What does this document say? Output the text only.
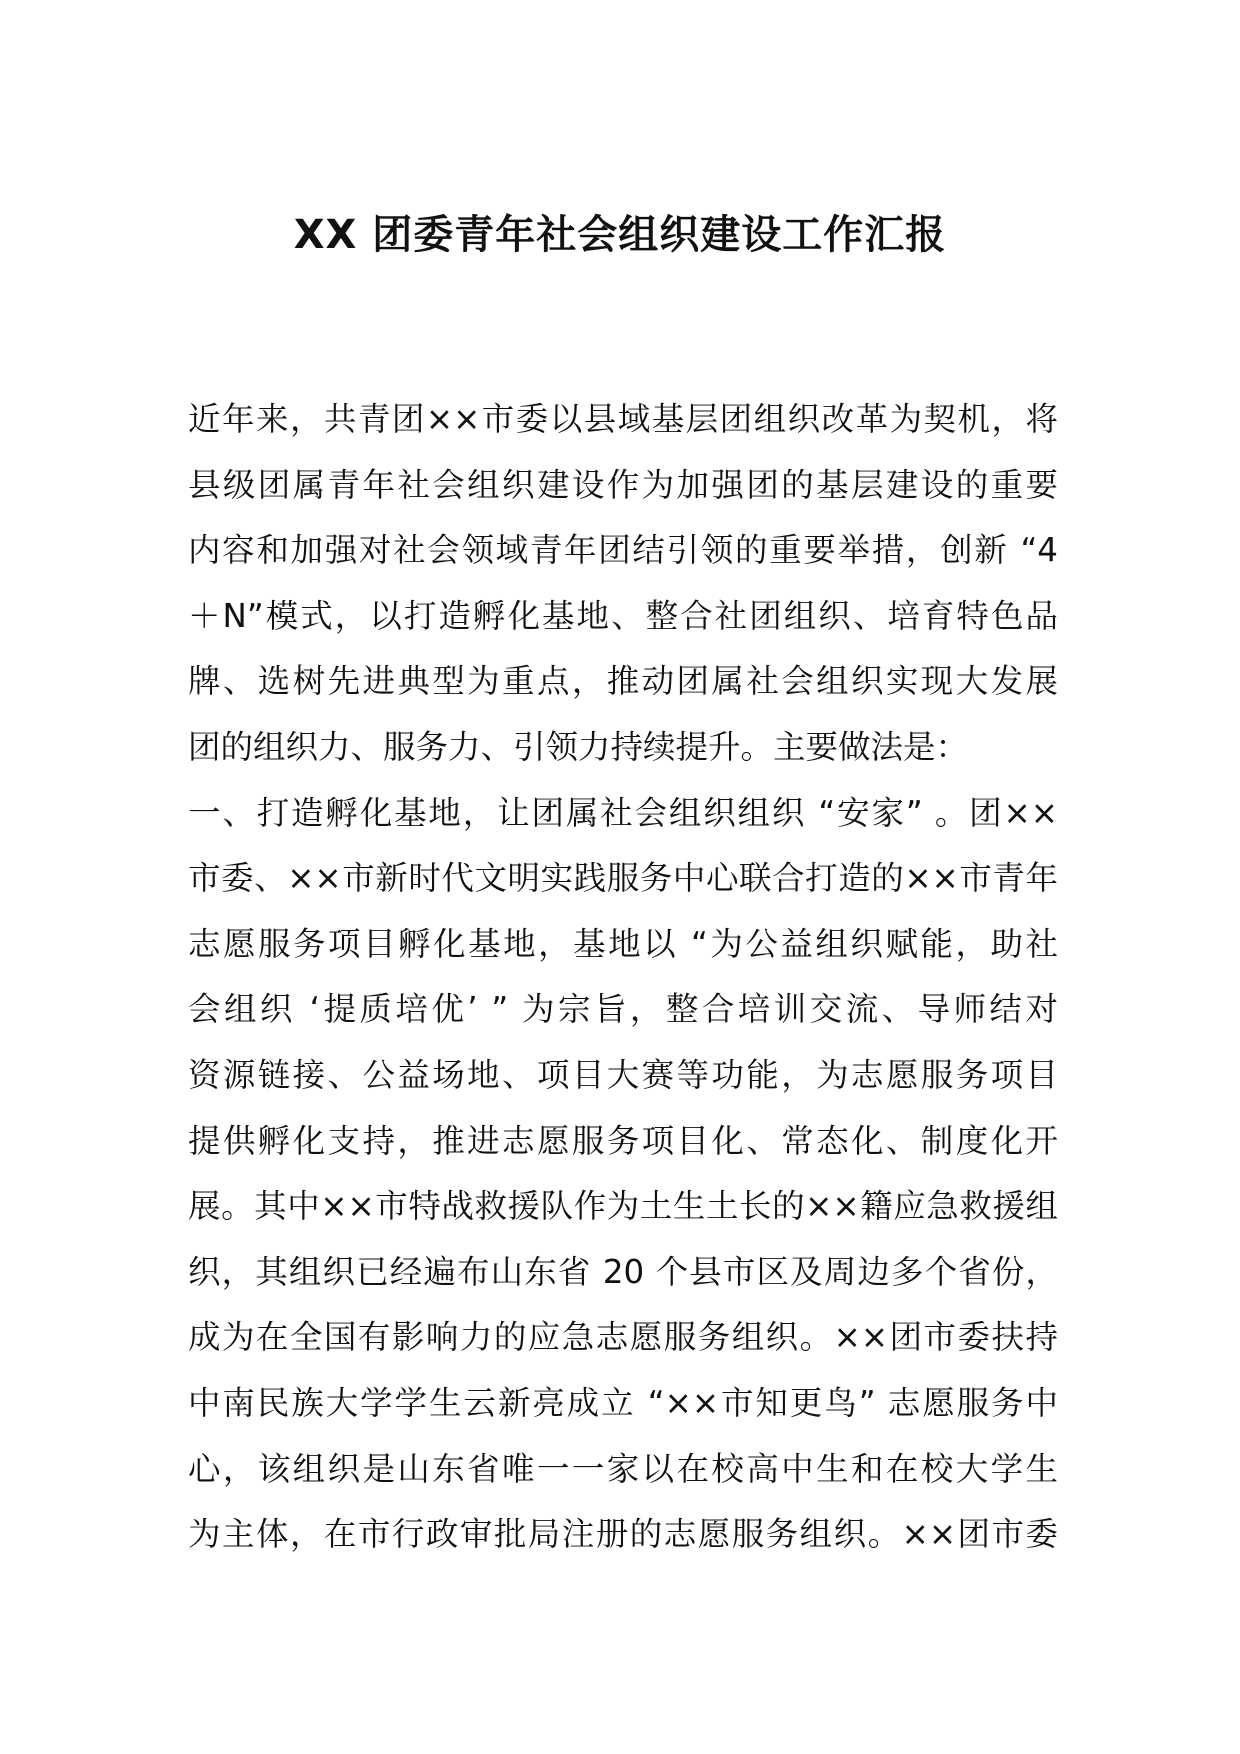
XX 团委青年社会组织建设工作汇报
近年来，共青团××市委以县域基层团组织改革为契机，将
县级团属青年社会组织建设作为加强团的基层建设的重要
内容和加强对社会领域青年团结引领的重要举措，创新 “4
＋N”模式，以打造孵化基地、整合社团组织、培育特色品
牌、选树先进典型为重点，推动团属社会组织实现大发展
团的组织力、服务力、引领力持续提升。主要做法是：
一、打造孵化基地，让团属社会组织组织 “安家” 。团××
市委、××市新时代文明实践服务中心联合打造的××市青年
志愿服务项目孵化基地，基地以 “为公益组织赋能，助社
会组织 ‘提质培优’ ” 为宗旨，整合培训交流、导师结对
资源链接、公益场地、项目大赛等功能，为志愿服务项目
提供孵化支持，推进志愿服务项目化、常态化、制度化开
展。其中××市特战救援队作为土生土长的××籍应急救援组
织，其组织已经遍布山东省 20 个县市区及周边多个省份，
成为在全国有影响力的应急志愿服务组织。××团市委扶持
中南民族大学学生云新亮成立 “××市知更鸟” 志愿服务中
心，该组织是山东省唯一一家以在校高中生和在校大学生
为主体，在市行政审批局注册的志愿服务组织。××团市委
